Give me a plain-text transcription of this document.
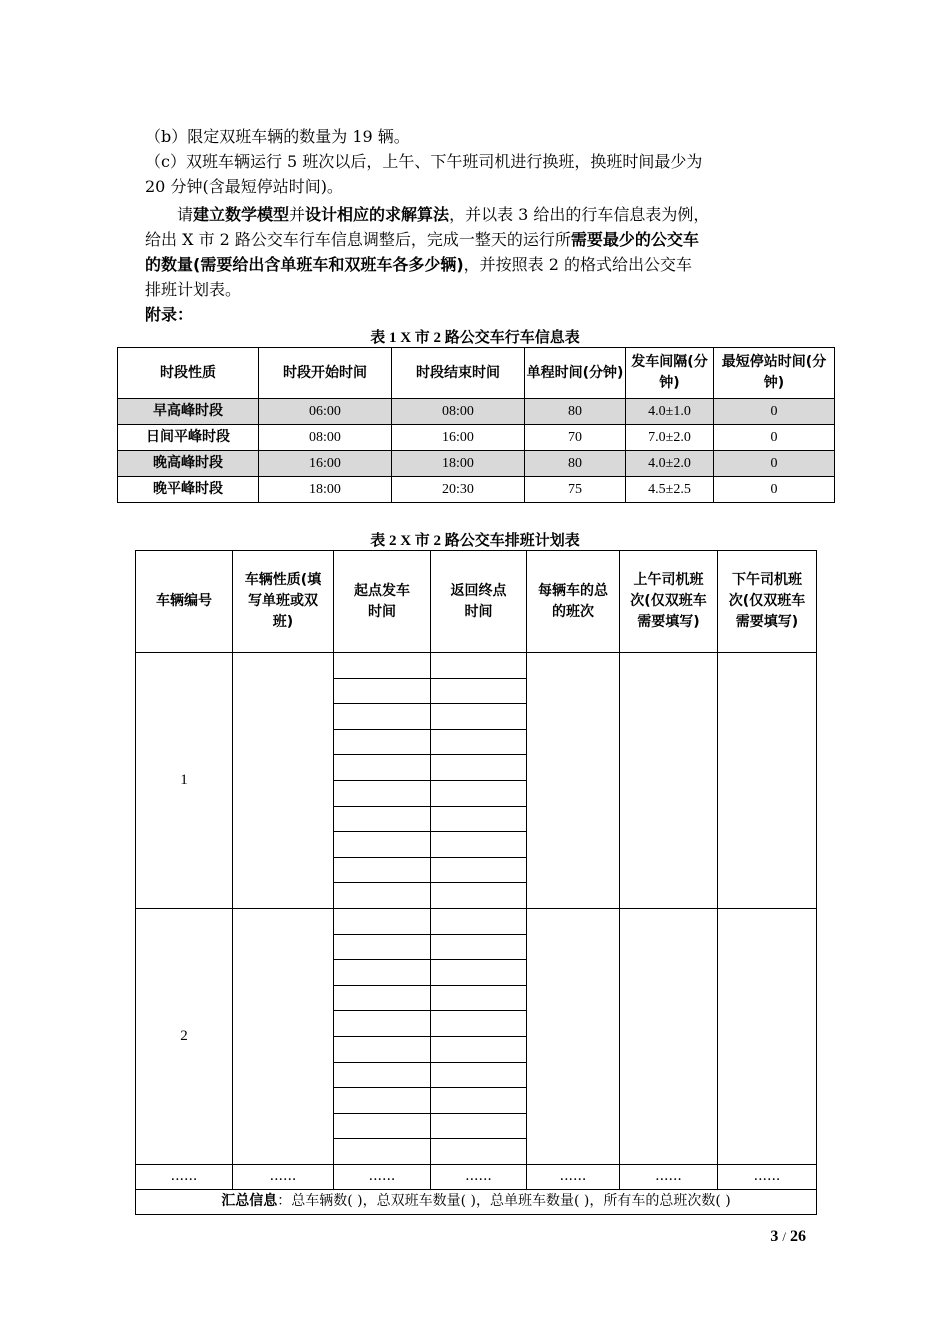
（b）限定双班车辆的数量为 19 辆。
（c）双班车辆运行 5 班次以后，上午、下午班司机进行换班，换班时间最少为
20 分钟(含最短停站时间)。
请建立数学模型并设计相应的求解算法，并以表 3 给出的行车信息表为例，
给出 X 市 2 路公交车行车信息调整后，完成一整天的运行所需要最少的公交车
的数量(需要给出含单班车和双班车各多少辆)，并按照表 2 的格式给出公交车
排班计划表。
附录：
表 1 X 市 2 路公交车行车信息表
时段性质	时段开始时间	时段结束时间	单程时间(分钟)	发车间隔(分钟)	最短停站时间(分钟)
早高峰时段	06:00	08:00	80	4.0±1.0	0
日间平峰时段	08:00	16:00	70	7.0±2.0	0
晚高峰时段	16:00	18:00	80	4.0±2.0	0
晚平峰时段	18:00	20:30	75	4.5±2.5	0
表 2 X 市 2 路公交车排班计划表
车辆编号	车辆性质(填写单班或双班)	起点发车时间	返回终点时间	每辆车的总的班次	上午司机班次(仅双班车需要填写)	下午司机班次(仅双班车需要填写)
1						

2						

......	......	......	......	......	......	......
汇总信息：总车辆数( )，总双班车数量( )，总单班车数量( )，所有车的总班次数( )						
3 / 26
